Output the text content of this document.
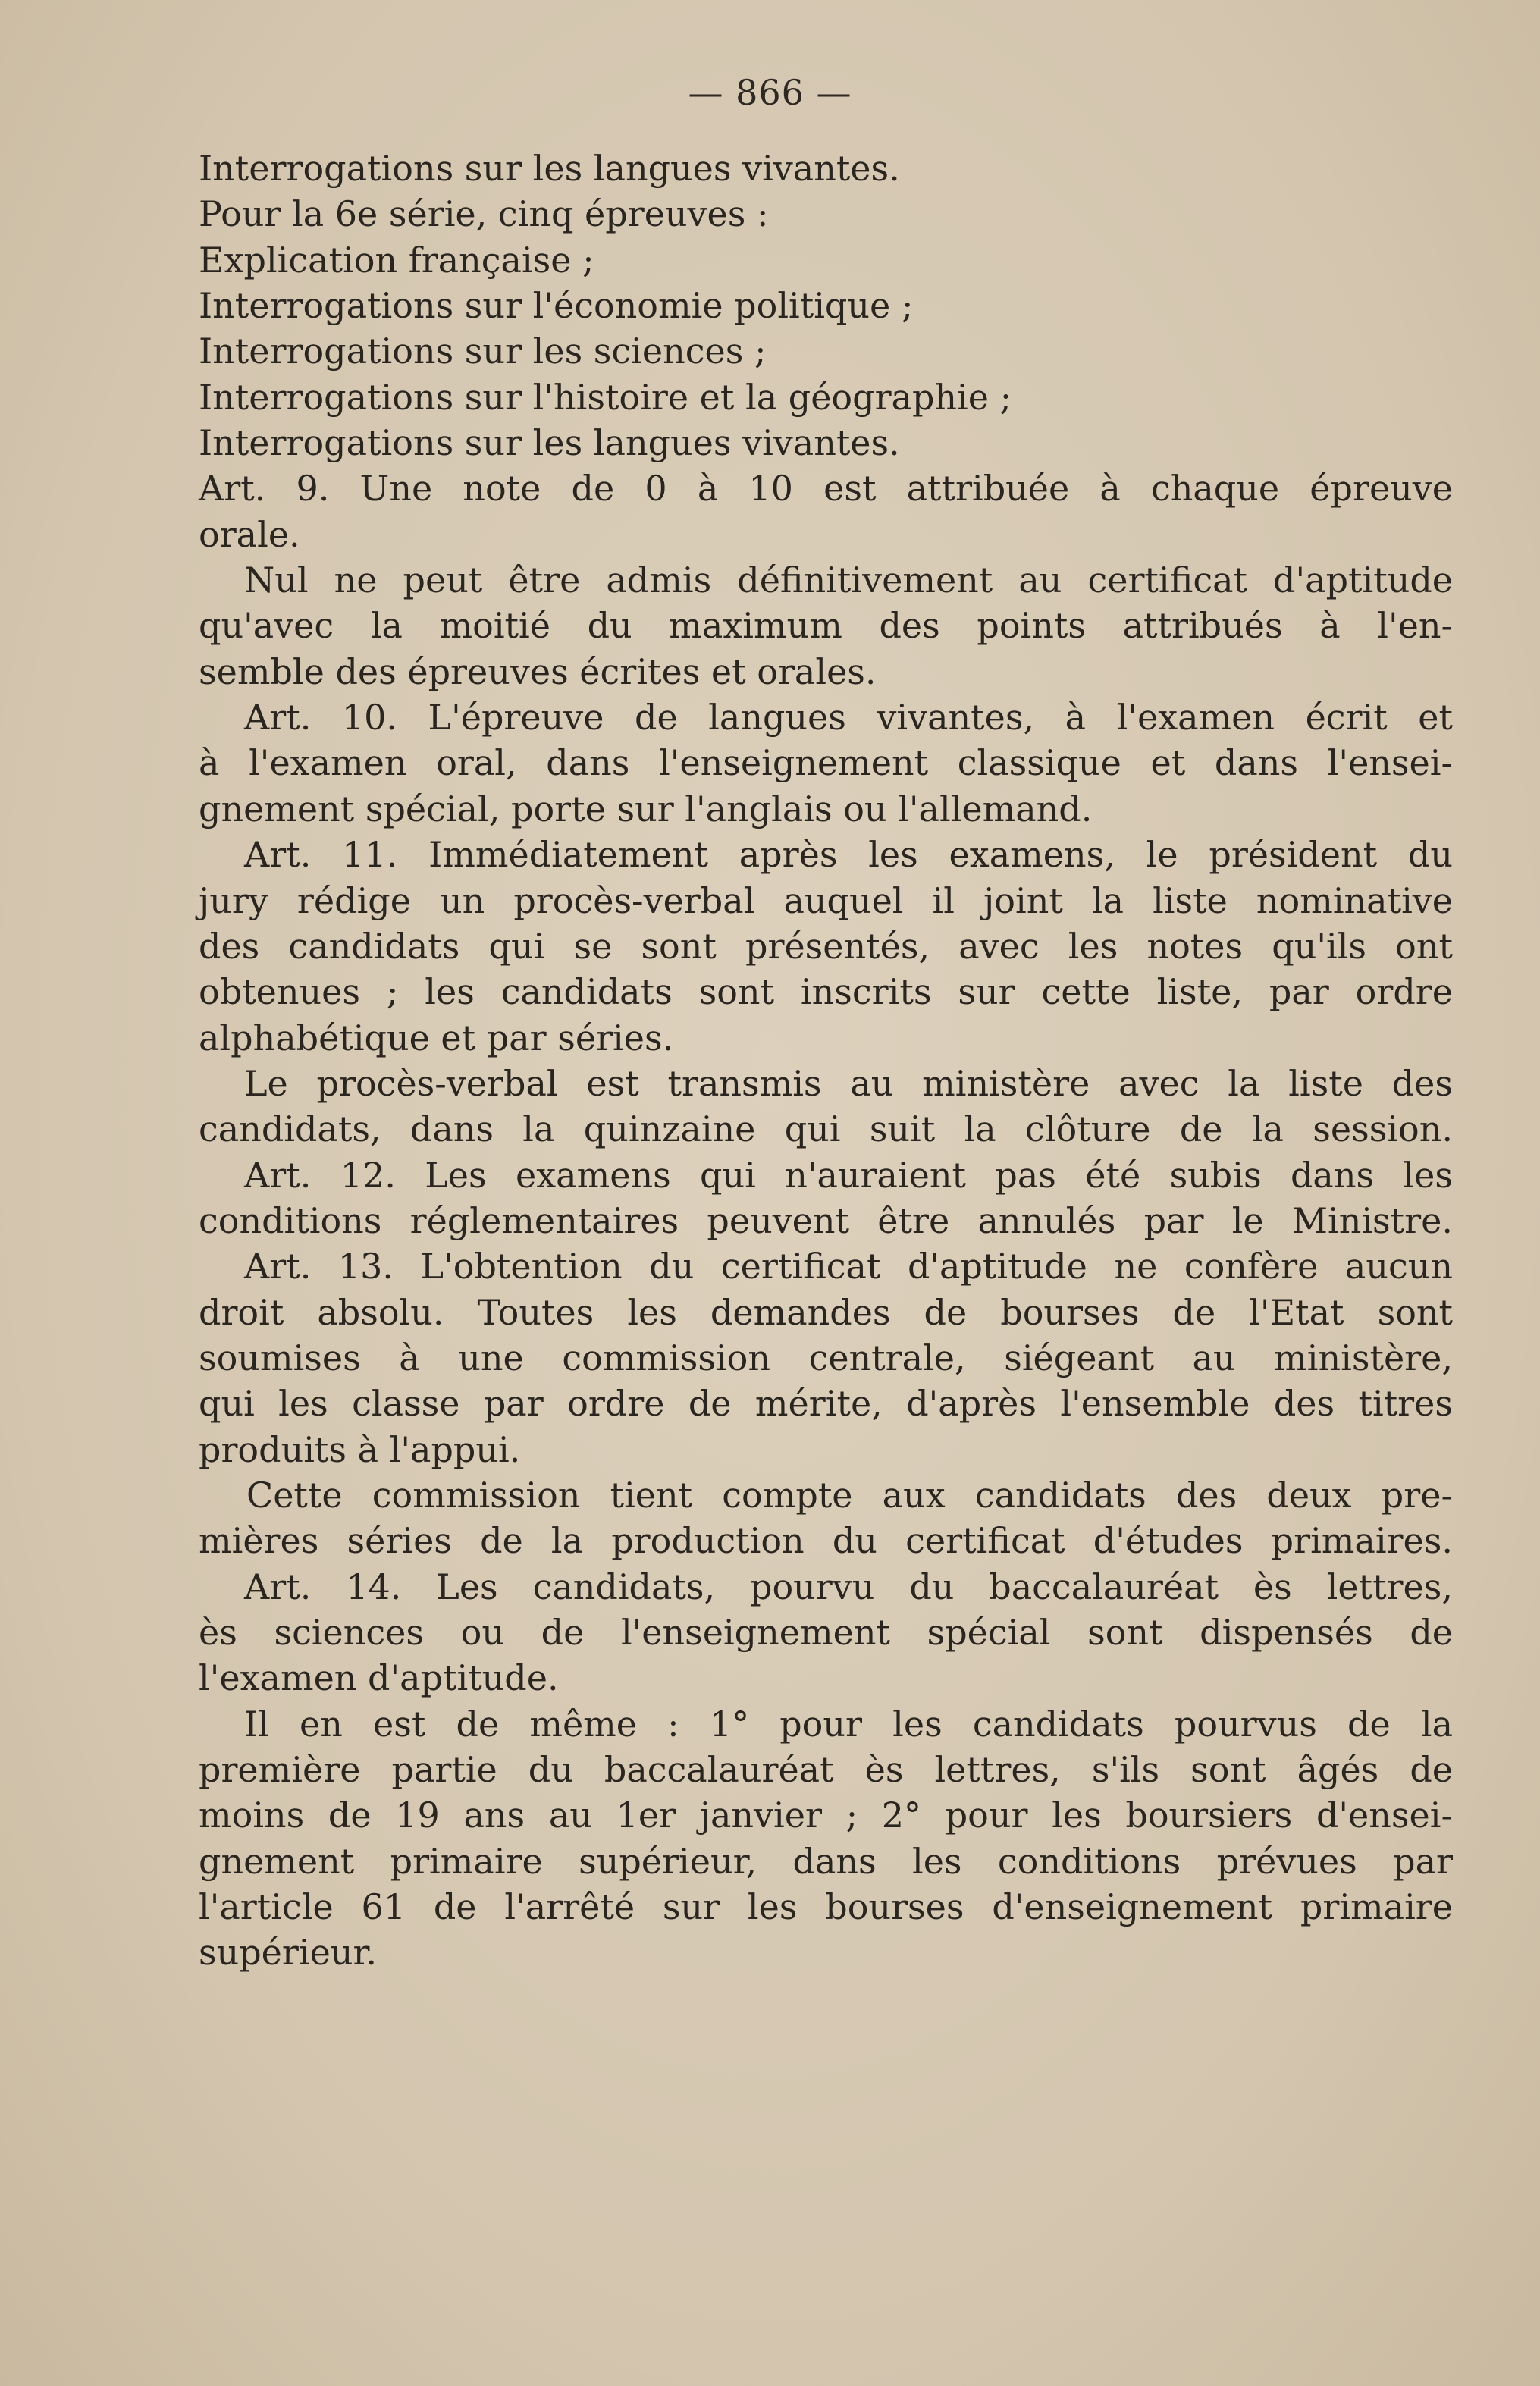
— 866 —
Interrogations sur les langues vivantes.
Pour la 6e série, cinq épreuves :
Explication française ;
Interrogations sur l'économie politique ;
Interrogations sur les sciences ;
Interrogations sur l'histoire et la géographie ;
Interrogations sur les langues vivantes.
Art. 9. Une note de 0 à 10 est attribuée à chaque épreuve
orale.
Nul ne peut être admis définitivement au certificat d'aptitude
qu'avec la moitié du maximum des points attribués à l'en-
semble des épreuves écrites et orales.
Art. 10. L'épreuve de langues vivantes, à l'examen écrit et
à l'examen oral, dans l'enseignement classique et dans l'ensei-
gnement spécial, porte sur l'anglais ou l'allemand.
Art. 11. Immédiatement après les examens, le président du
jury rédige un procès-verbal auquel il joint la liste nominative
des candidats qui se sont présentés, avec les notes qu'ils ont
obtenues ; les candidats sont inscrits sur cette liste, par ordre
alphabétique et par séries.
Le procès-verbal est transmis au ministère avec la liste des
candidats, dans la quinzaine qui suit la clôture de la session.
Art. 12. Les examens qui n'auraient pas été subis dans les
conditions réglementaires peuvent être annulés par le Ministre.
Art. 13. L'obtention du certificat d'aptitude ne confère aucun
droit absolu. Toutes les demandes de bourses de l'Etat sont
soumises à une commission centrale, siégeant au ministère,
qui les classe par ordre de mérite, d'après l'ensemble des titres
produits à l'appui.
Cette commission tient compte aux candidats des deux pre-
mières séries de la production du certificat d'études primaires.
Art. 14. Les candidats, pourvu du baccalauréat ès lettres,
ès sciences ou de l'enseignement spécial sont dispensés de
l'examen d'aptitude.
Il en est de même : 1° pour les candidats pourvus de la
première partie du baccalauréat ès lettres, s'ils sont âgés de
moins de 19 ans au 1er janvier ; 2° pour les boursiers d'ensei-
gnement primaire supérieur, dans les conditions prévues par
l'article 61 de l'arrêté sur les bourses d'enseignement primaire
supérieur.
